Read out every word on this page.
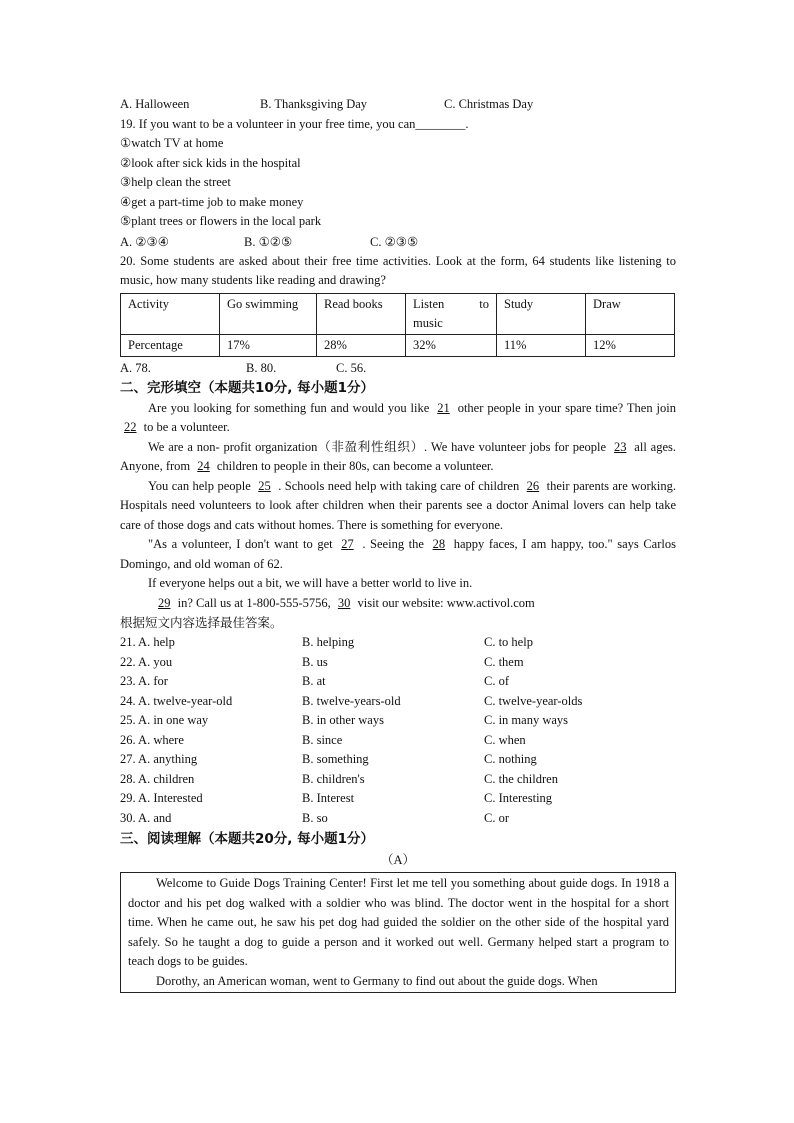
A. Halloween	B. Thanksgiving Day	C. Christmas Day
19. If you want to be a volunteer in your free time, you can________.
①watch TV at home
②look after sick kids in the hospital
③help clean the street
④get a part-time job to make money
⑤plant trees or flowers in the local park
A. ②③④	B. ①②⑤	C. ②③⑤
20. Some students are asked about their free time activities. Look at the form, 64 students like listening to music, how many students like reading and drawing?
Activity	Go swimming	Read books	Listen to music	Study	Draw
Percentage	17%	28%	32%	11%	12%
A. 78.	B. 80.	C. 56.
二、完形填空（本题共10分, 每小题1分）
Are you looking for something fun and would you like 21 other people in your spare time? Then join 22 to be a volunteer.
We are a non- profit organization（非盈利性组织）. We have volunteer jobs for people 23 all ages. Anyone, from 24 children to people in their 80s, can become a volunteer.
You can help people 25 . Schools need help with taking care of children 26 their parents are working. Hospitals need volunteers to look after children when their parents see a doctor Animal lovers can help take care of those dogs and cats without homes. There is something for everyone.
"As a volunteer, I don't want to get 27 . Seeing the 28 happy faces, I am happy, too." says Carlos Domingo, and old woman of 62.
If everyone helps out a bit, we will have a better world to live in.
29 in? Call us at 1-800-555-5756, 30 visit our website: www.activol.com
根据短文内容选择最佳答案。
21. A. help	B. helping	C. to help
22. A. you	B. us	C. them
23. A. for	B. at	C. of
24. A. twelve-year-old	B. twelve-years-old	C. twelve-year-olds
25. A. in one way	B. in other ways	C. in many ways
26. A. where	B. since	C. when
27. A. anything	B. something	C. nothing
28. A. children	B. children's	C. the children
29. A. Interested	B. Interest	C. Interesting
30. A. and	B. so	C. or
三、阅读理解（本题共20分, 每小题1分）
（A）

Welcome to Guide Dogs Training Center! First let me tell you something about guide dogs. In 1918 a doctor and his pet dog walked with a soldier who was blind. The doctor went in the hospital for a short time. When he came out, he saw his pet dog had guided the soldier on the other side of the hospital yard safely. So he taught a dog to guide a person and it worked out well. Germany helped start a program to teach dogs to be guides.

Dorothy, an American woman, went to Germany to find out about the guide dogs. When
